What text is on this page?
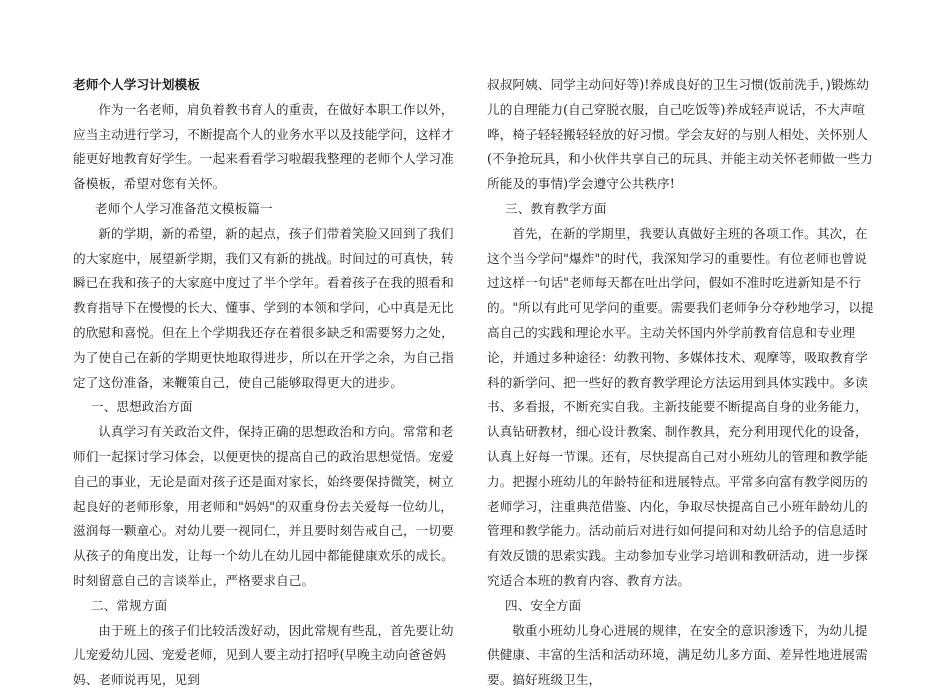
老师个人学习计划模板

作为一名老师，肩负着教书育人的重责，在做好本职工作以外，应当主动进行学习，不断提高个人的业务水平以及技能学问，这样才能更好地教育好学生。一起来看看学习啦嘏我整理的老师个人学习准备模板，希望对您有关怀。

老师个人学习准备范文模板篇一

新的学期，新的希望，新的起点，孩子们带着笑脸又回到了我们的大家庭中，展望新学期，我们又有新的挑战。时间过的可真快，转瞬已在我和孩子的大家庭中度过了半个学年。看着孩子在我的照看和教育指导下在慢慢的长大、懂事、学到的本领和学问，心中真是无比的欣慰和喜悦。但在上个学期我还存在着很多缺乏和需要努力之处，为了使自己在新的学期更快地取得进步，所以在开学之余，为自己指定了这份准备，来鞭策自己，使自己能够取得更大的进步。

一、思想政治方面

认真学习有关政治文件，保持正确的思想政治和方向。常常和老师们一起探讨学习体会，以便更快的提高自己的政治思想觉悟。宠爱自己的事业，无论是面对孩子还是面对家长，始终要保持微笑，树立起良好的老师形象，用老师和"妈妈"的双重身份去关爱每一位幼儿，滋润每一颗童心。对幼儿要一视同仁，并且要时刻告戒自己，一切要从孩子的角度出发，让每一个幼儿在幼儿园中都能健康欢乐的成长。时刻留意自己的言谈举止，严格要求自己。

二、常规方面

由于班上的孩子们比较活泼好动，因此常规有些乱，首先要让幼儿宠爱幼儿园、宠爱老师，见到人要主动打招呼(早晚主动向爸爸妈妈、老师说再见，见到

叔叔阿姨、同学主动问好等)!养成良好的卫生习惯(饭前洗手，)锻炼幼儿的自理能力(自己穿脱衣服，自己吃饭等)养成轻声说话，不大声喧哗，椅子轻轻搬轻轻放的好习惯。学会友好的与别人相处、关怀别人(不争抢玩具，和小伙伴共享自己的玩具、并能主动关怀老师做一些力所能及的事情)学会遵守公共秩序!

三、教育教学方面

首先，在新的学期里，我要认真做好主班的各项工作。其次，在这个当今学问"爆炸"的时代，我深知学习的重要性。有位老师也曾说过这样一句话"老师每天都在吐出学问，假如不准时吃进新知是不行的。"所以有此可见学问的重要。需要我们老师争分夺秒地学习，以提高自己的实践和理论水平。主动关怀国内外学前教育信息和专业理论，并通过多种途径：幼教刊物、多媒体技术、观摩等，吸取教育学科的新学问、把一些好的教育教学理论方法运用到具体实践中。多读书、多看报，不断充实自我。主新技能要不断提高自身的业务能力，认真钻研教材，细心设计教案、制作教具，充分利用现代化的设备，认真上好每一节课。还有，尽快提高自己对小班幼儿的管理和教学能力。把握小班幼儿的年龄特征和进展特点。平常多向富有教学阅历的老师学习，注重典范借鉴、内化，争取尽快提高自己小班年龄幼儿的管理和教学能力。活动前后对进行如何提问和对幼儿给予的信息适时有效反馈的思索实践。主动参加专业学习培训和教研活动，进一步探究适合本班的教育内容、教育方法。

四、安全方面

敬重小班幼儿身心进展的规律，在安全的意识渗透下，为幼儿提供健康、丰富的生活和活动环境，满足幼儿多方面、差异性地进展需要。搞好班级卫生，
